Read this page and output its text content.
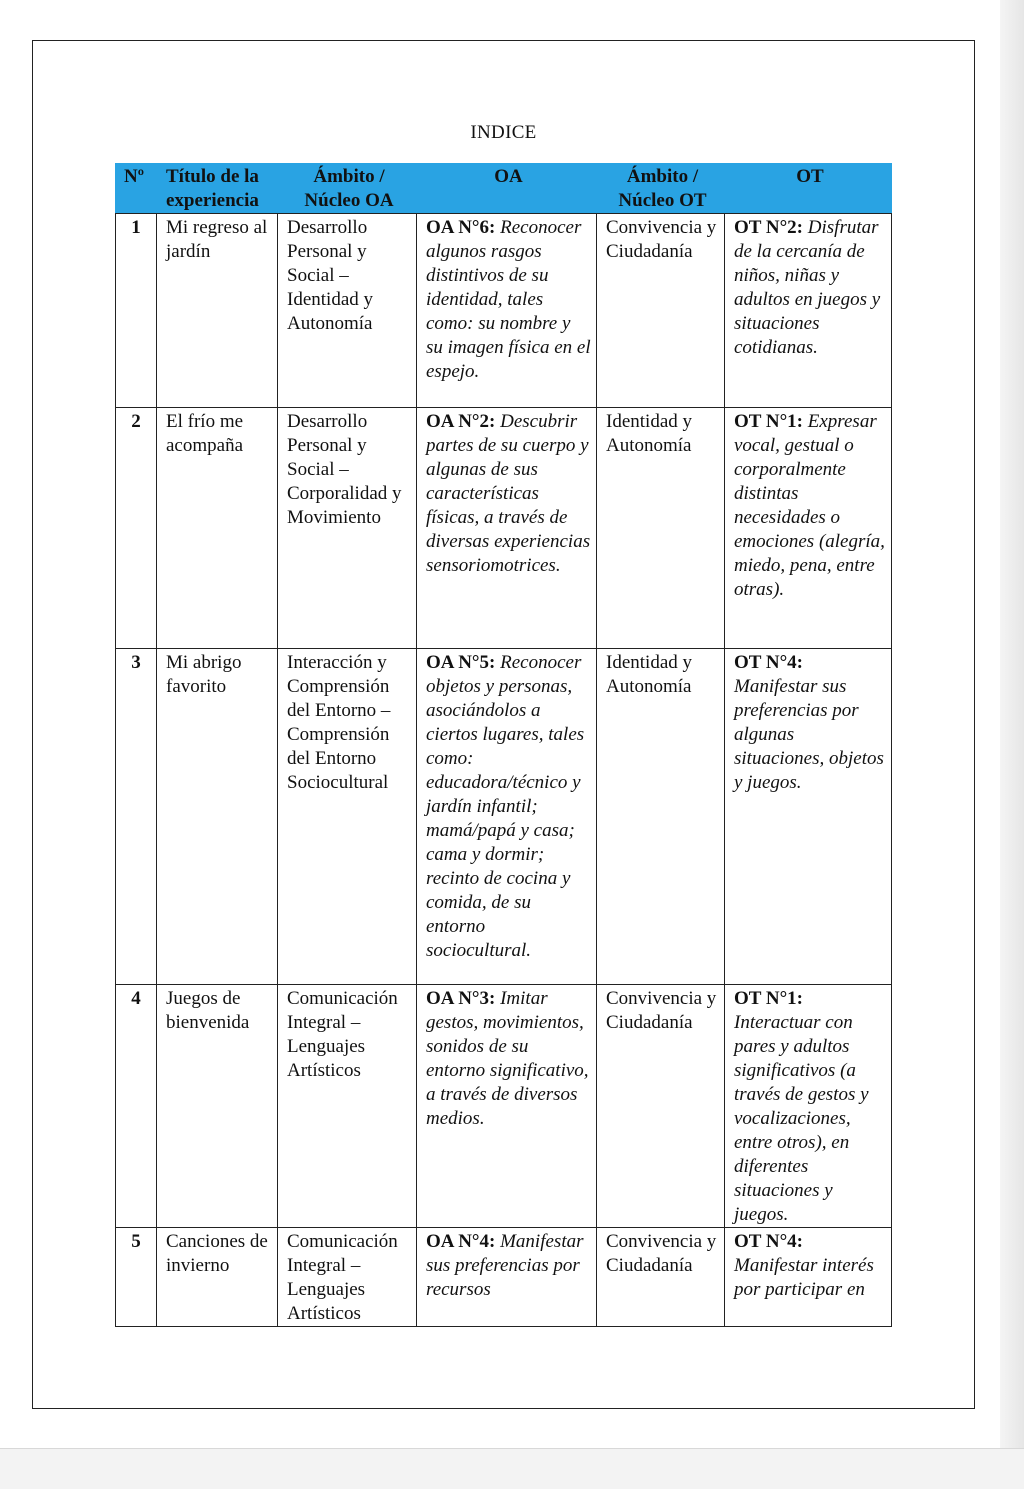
INDICE
Nº	Título de la experiencia	Ámbito / Núcleo OA	OA	Ámbito / Núcleo OT	OT
1	Mi regreso al jardín	Desarrollo Personal y Social – Identidad y Autonomía	OA N°6: Reconocer algunos rasgos distintivos de su identidad, tales como: su nombre y su imagen física en el espejo.	Convivencia y Ciudadanía	OT N°2: Disfrutar de la cercanía de niños, niñas y adultos en juegos y situaciones cotidianas.
2	El frío me acompaña	Desarrollo Personal y Social – Corporalidad y Movimiento	OA N°2: Descubrir partes de su cuerpo y algunas de sus características físicas, a través de diversas experiencias sensoriomotrices.	Identidad y Autonomía	OT N°1: Expresar vocal, gestual o corporalmente distintas necesidades o emociones (alegría, miedo, pena, entre otras).
3	Mi abrigo favorito	Interacción y Comprensión del Entorno – Comprensión del Entorno Sociocultural	OA N°5: Reconocer objetos y personas, asociándolos a ciertos lugares, tales como: educadora/técnico y jardín infantil; mamá/papá y casa; cama y dormir; recinto de cocina y comida, de su entorno sociocultural.	Identidad y Autonomía	OT N°4: Manifestar sus preferencias por algunas situaciones, objetos y juegos.
4	Juegos de bienvenida	Comunicación Integral – Lenguajes Artísticos	OA N°3: Imitar gestos, movimientos, sonidos de su entorno significativo, a través de diversos medios.	Convivencia y Ciudadanía	OT N°1: Interactuar con pares y adultos significativos (a través de gestos y vocalizaciones, entre otros), en diferentes situaciones y juegos.
5	Canciones de invierno	Comunicación Integral – Lenguajes Artísticos	OA N°4: Manifestar sus preferencias por recursos	Convivencia y Ciudadanía	OT N°4: Manifestar interés por participar en
